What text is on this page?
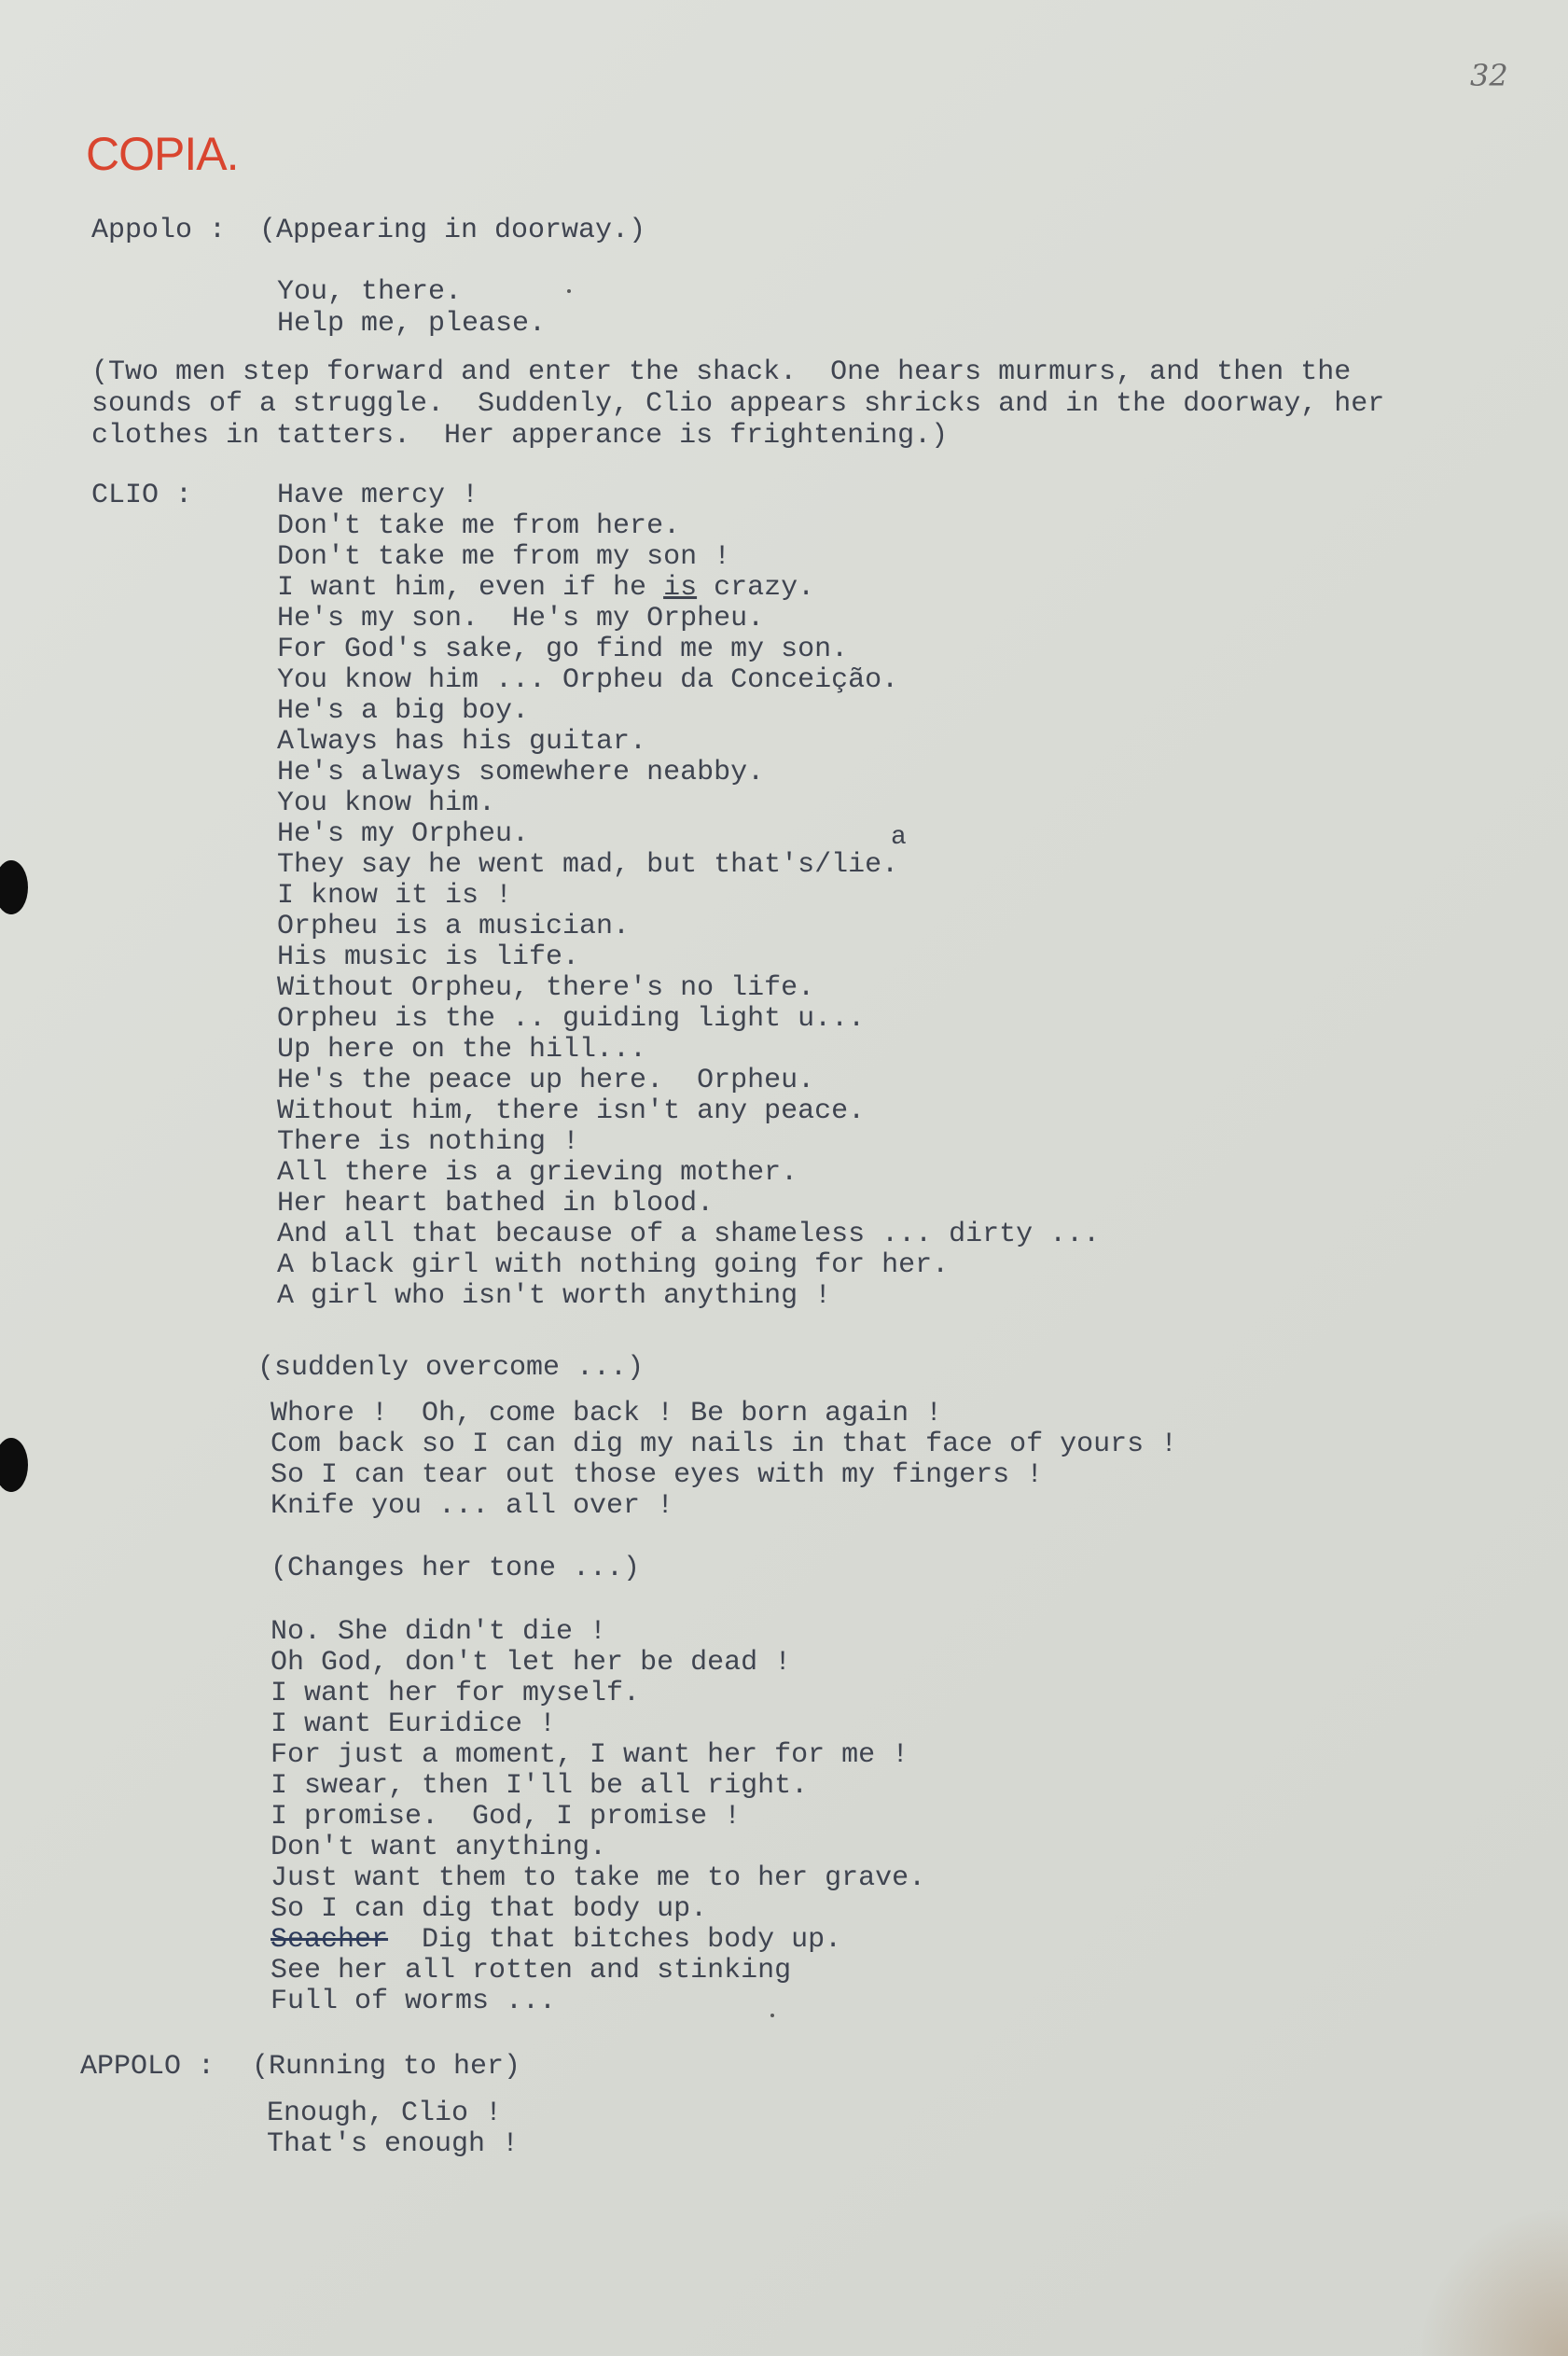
32
COPIA.
Appolo : (Appearing in doorway.)
You, there.
Help me, please.
(Two men step forward and enter the shack.  One hears murmurs, and then the
sounds of a struggle.  Suddenly, Clio appears shricks and in the doorway, her
clothes in tatters.  Her apperance is frightening.)
CLIO :	Have mercy !
Don't take me from here.
Don't take me from my son !
I want him, even if he is crazy.
He's my son.  He's my Orpheu.
For God's sake, go find me my son.
You know him ... Orpheu da Conceição.
He's a big boy.
Always has his guitar.
He's always somewhere neabby.
You know him.
He's my Orpheu.	a
They say he went mad, but that's/lie.
I know it is !
Orpheu is a musician.
His music is life.
Without Orpheu, there's no life.
Orpheu is the .. guiding light u...
Up here on the hill...
He's the peace up here.  Orpheu.
Without him, there isn't any peace.
There is nothing !
All there is a grieving mother.
Her heart bathed in blood.
And all that because of a shameless ... dirty ...
A black girl with nothing going for her.
A girl who isn't worth anything !
(suddenly overcome ...)
Whore !  Oh, come back ! Be born again !
Com back so I can dig my nails in that face of yours !
So I can tear out those eyes with my fingers !
Knife you ... all over !
(Changes her tone ...)
No. She didn't die !
Oh God, don't let her be dead !
I want her for myself.
I want Euridice !
For just a moment, I want her for me !
I swear, then I'll be all right.
I promise.  God, I promise !
Don't want anything.
Just want them to take me to her grave.
So I can dig that body up.
Seacher  Dig that bitches body up.
See her all rotten and stinking
Full of worms ...
APPOLO : (Running to her)
Enough, Clio !
That's enough !
